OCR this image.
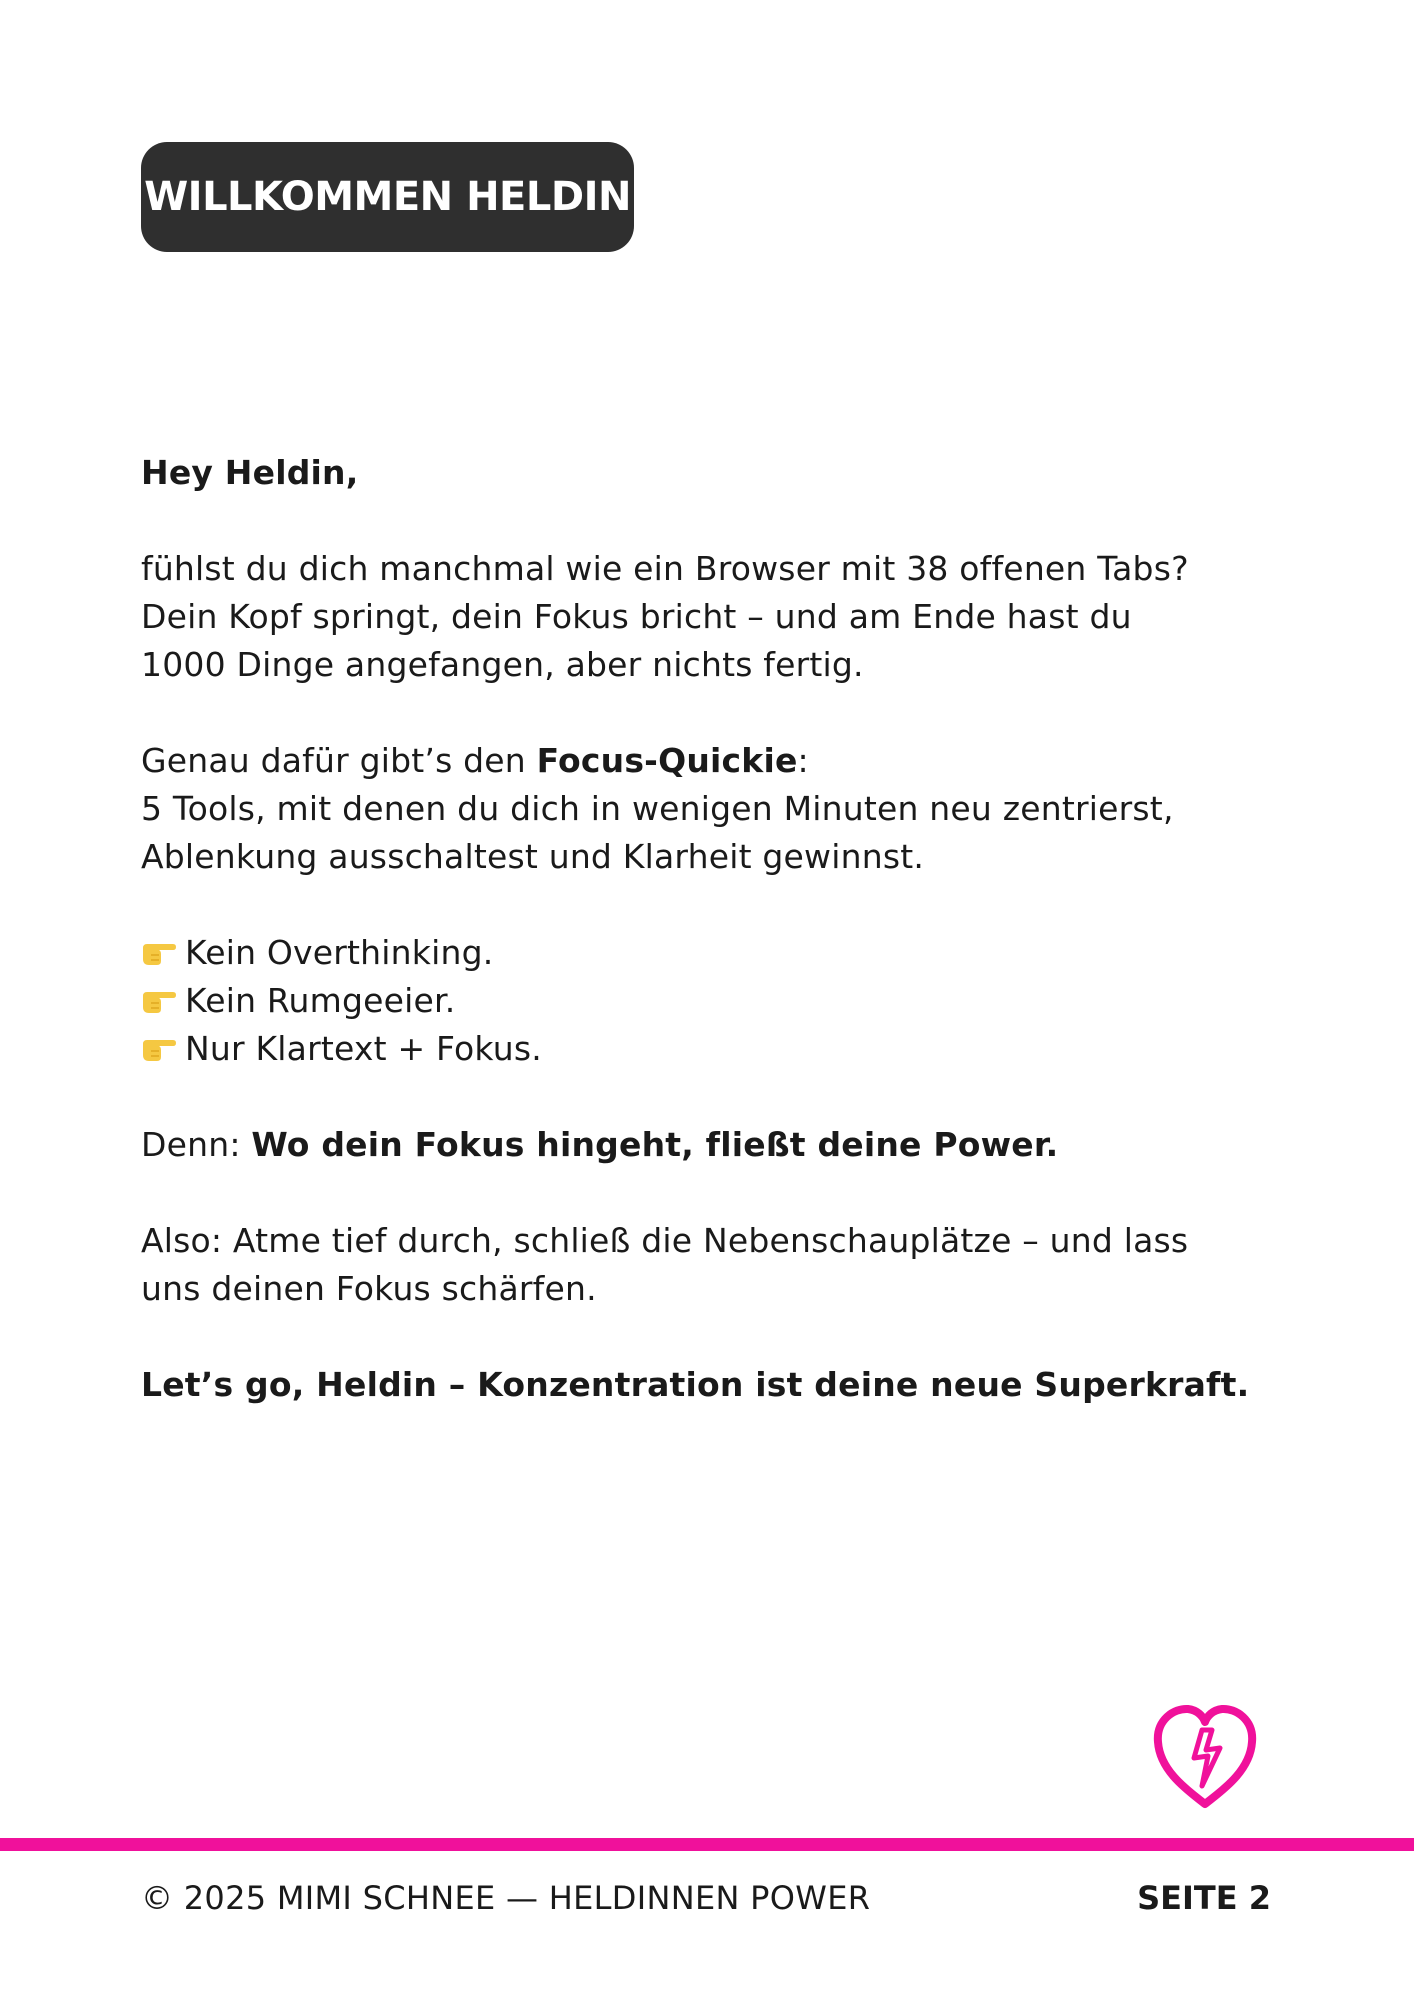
WILLKOMMEN HELDIN

Hey Heldin,

fühlst du dich manchmal wie ein Browser mit 38 offenen Tabs?
Dein Kopf springt, dein Fokus bricht – und am Ende hast du
1000 Dinge angefangen, aber nichts fertig.

Genau dafür gibt’s den Focus-Quickie:
5 Tools, mit denen du dich in wenigen Minuten neu zentrierst,
Ablenkung ausschaltest und Klarheit gewinnst.

Kein Overthinking.
Kein Rumgeeier.
Nur Klartext + Fokus.

Denn: Wo dein Fokus hingeht, fließt deine Power.

Also: Atme tief durch, schließ die Nebenschauplätze – und lass
uns deinen Fokus schärfen.

Let’s go, Heldin – Konzentration ist deine neue Superkraft.

© 2025 MIMI SCHNEE — HELDINNEN POWER	SEITE 2
